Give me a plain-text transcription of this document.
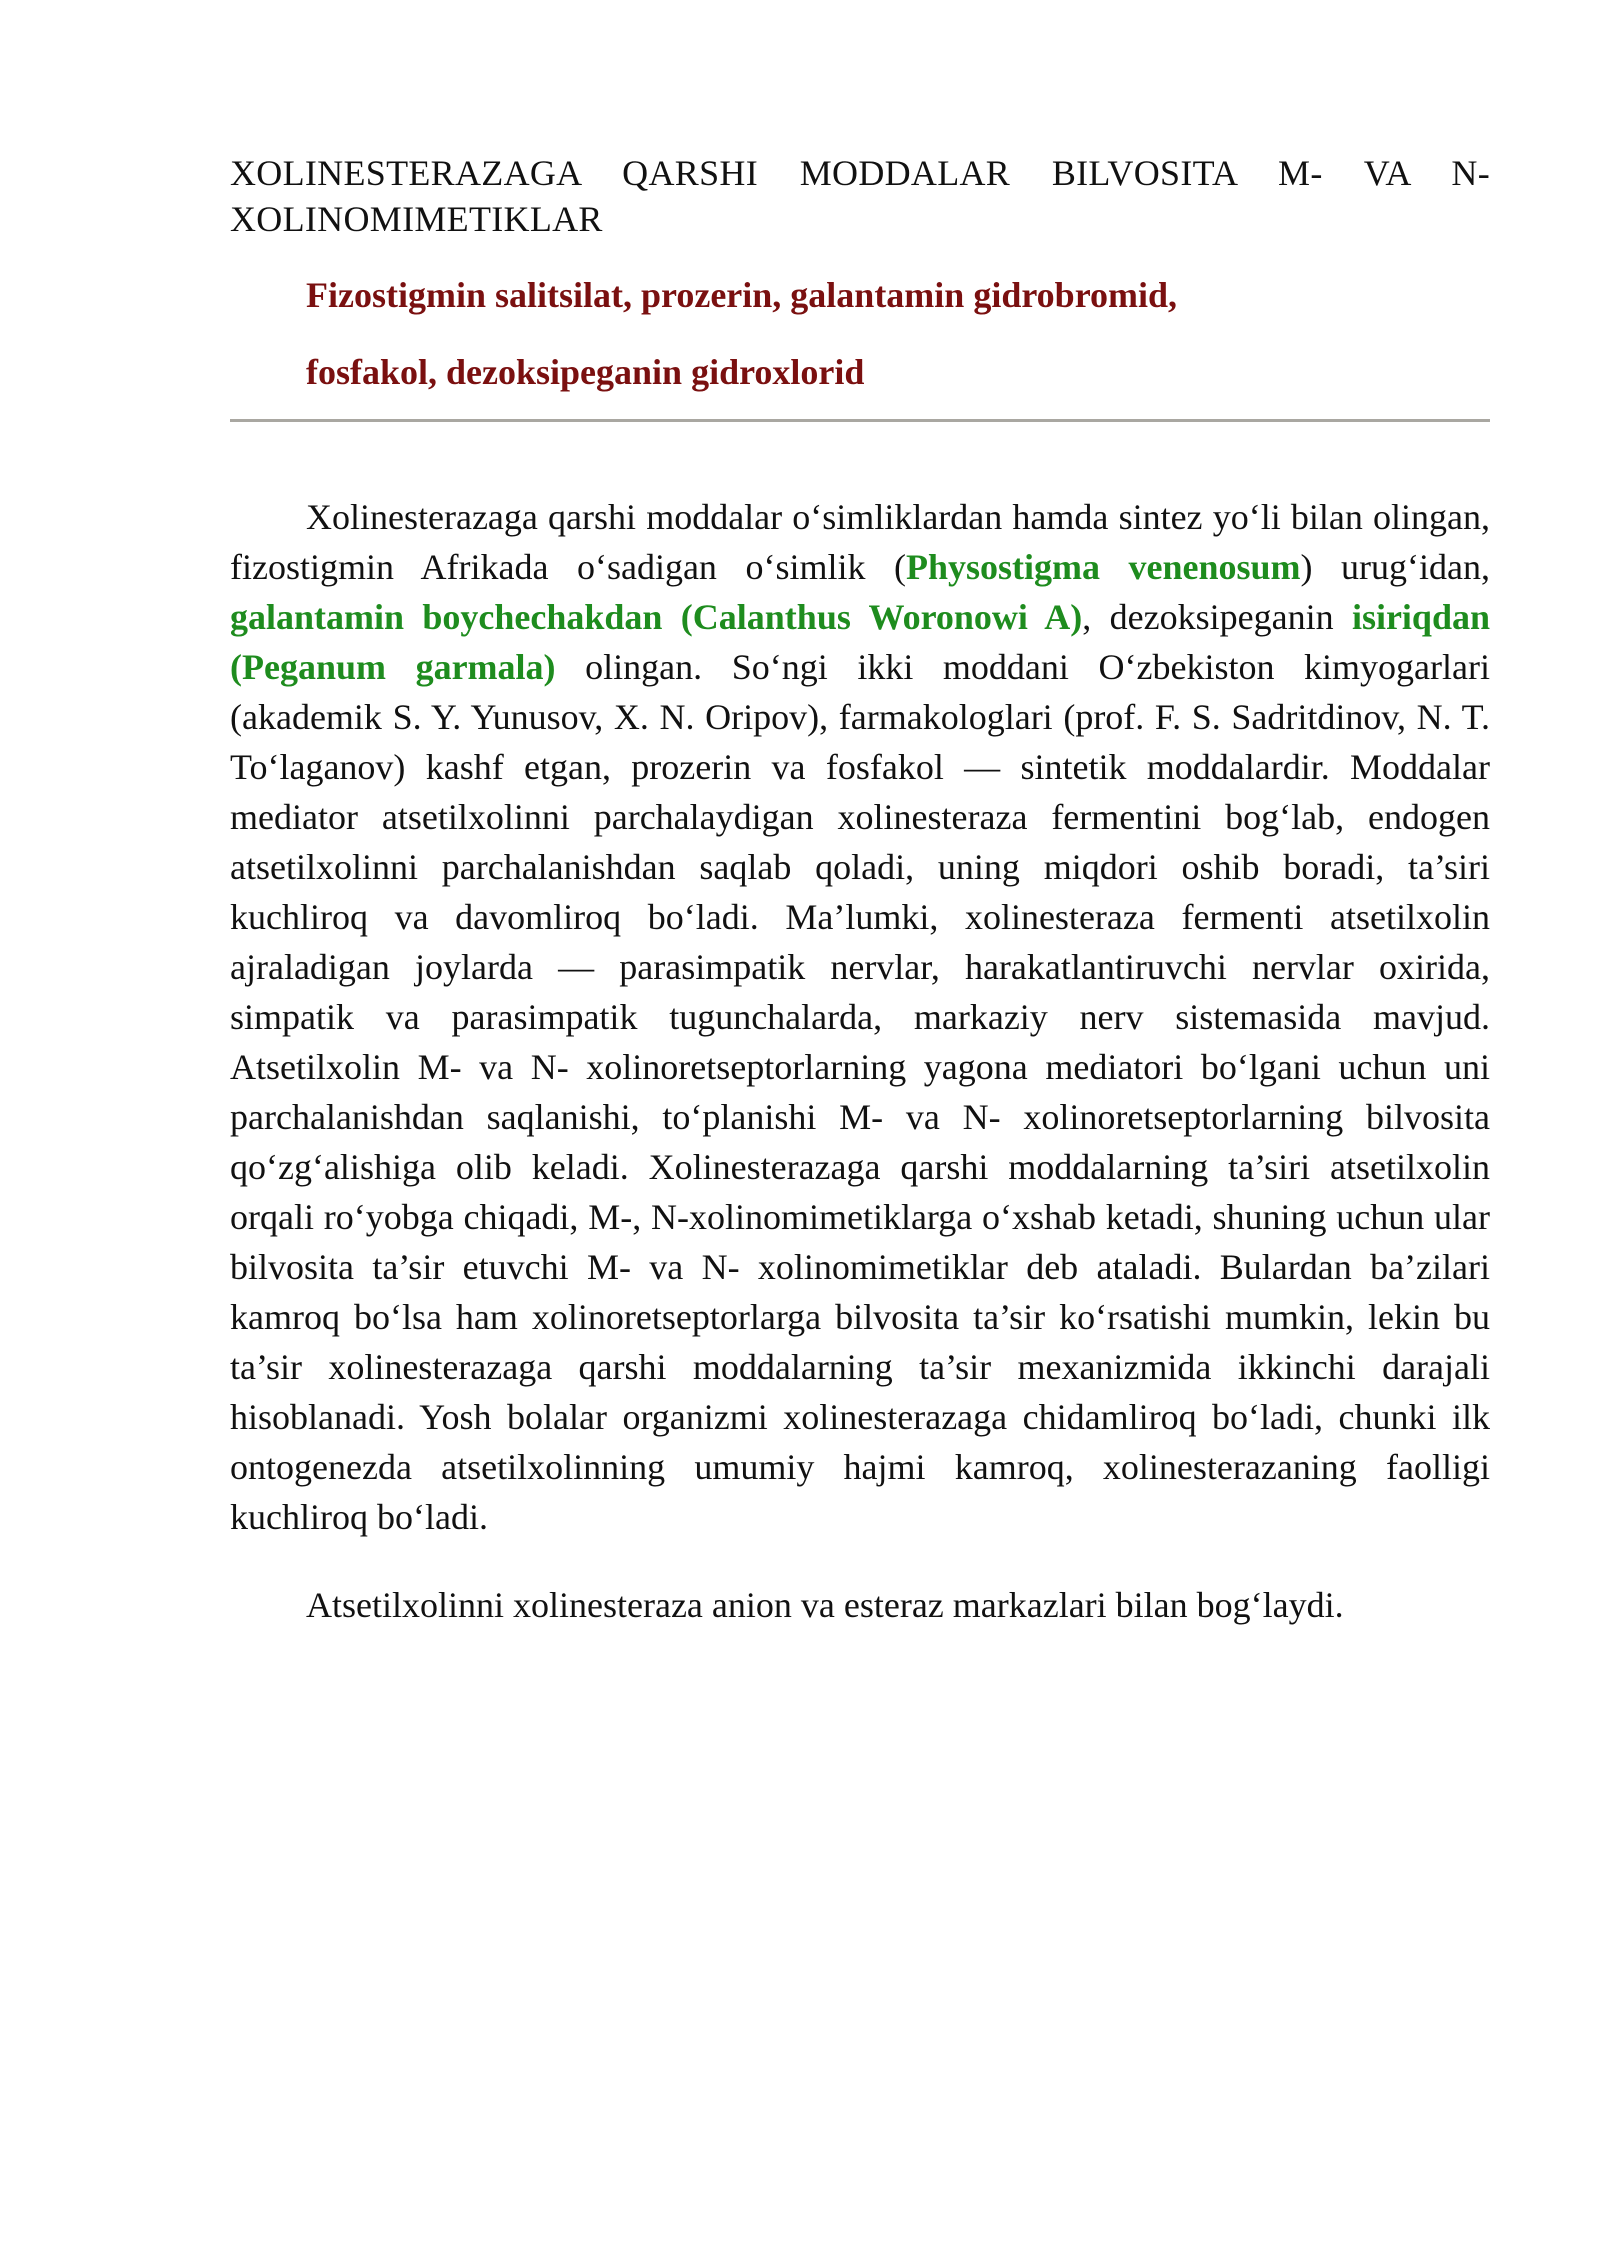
XOLINESTERAZAGA QARSHI MODDALAR BILVOSITA M- VA N-XOLINOMIMETIKLAR
Fizostigmin salitsilat, prozerin, galantamin gidrobromid,
fosfakol, dezoksipeganin gidroxlorid

Xolinesterazaga qarshi moddalar o‘simliklardan hamda sintez yo‘li bilan olingan, fizostigmin Afrikada o‘sadigan o‘simlik (Physostigma venenosum) urug‘idan, galantamin boychechakdan (Calanthus Woronowi A), dezoksipeganin isiriqdan (Peganum garmala) olingan. So‘ngi ikki moddani O‘zbekiston kimyogarlari (akademik S. Y. Yunusov, X. N. Oripov), farmakologlari (prof. F. S. Sadritdinov, N. T. To‘laganov) kashf etgan, prozerin va fosfakol — sintetik moddalardir. Moddalar mediator atsetilxolinni parchalaydigan xolinesteraza fermentini bog‘lab, endogen atsetilxolinni parchalanishdan saqlab qoladi, uning miqdori oshib boradi, ta’siri kuchliroq va davomliroq bo‘ladi. Ma’lumki, xolinesteraza fermenti atsetilxolin ajraladigan joylarda — parasimpatik nervlar, harakatlantiruvchi nervlar oxirida, simpatik va parasimpatik tugunchalarda, markaziy nerv sistemasida mavjud. Atsetilxolin M- va N- xolinoretseptorlarning yagona mediatori bo‘lgani uchun uni parchalanishdan saqlanishi, to‘planishi M- va N- xolinoretseptorlarning bilvosita qo‘zg‘alishiga olib keladi. Xolinesterazaga qarshi moddalarning ta’siri atsetilxolin orqali ro‘yobga chiqadi, M-, N-xolinomimetiklarga o‘xshab ketadi, shuning uchun ular bilvosita ta’sir etuvchi M- va N- xolinomimetiklar deb ataladi. Bulardan ba’zilari kamroq bo‘lsa ham xolinoretseptorlarga bilvosita ta’sir ko‘rsatishi mumkin, lekin bu ta’sir xolinesterazaga qarshi moddalarning ta’sir mexanizmida ikkinchi darajali hisoblanadi. Yosh bolalar organizmi xolinesterazaga chidamliroq bo‘ladi, chunki ilk ontogenezda atsetilxolinning umumiy hajmi kamroq, xolinesterazaning faolligi kuchliroq bo‘ladi.

Atsetilxolinni xolinesteraza anion va esteraz markazlari bilan bog‘laydi.
